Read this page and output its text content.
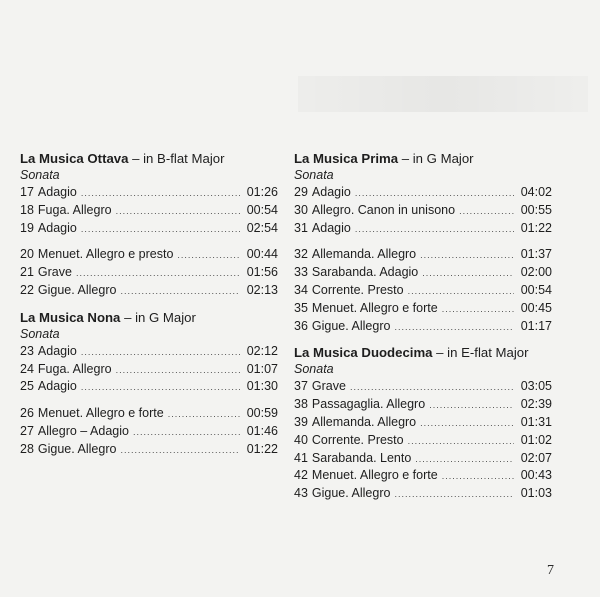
La Musica Ottava – in B-flat Major
Sonata
17 Adagio .....	01:26
18 Fuga. Allegro .....	00:54
19 Adagio .....	02:54
20 Menuet. Allegro e presto .....	00:44
21 Grave .....	01:56
22 Gigue. Allegro .....	02:13
La Musica Nona – in G Major
Sonata
23 Adagio .....	02:12
24 Fuga. Allegro .....	01:07
25 Adagio .....	01:30
26 Menuet. Allegro e forte .....	00:59
27 Allegro – Adagio .....	01:46
28 Gigue. Allegro .....	01:22
La Musica Prima – in G Major
Sonata
29 Adagio .....	04:02
30 Allegro. Canon in unisono .....	00:55
31 Adagio .....	01:22
32 Allemanda. Allegro .....	01:37
33 Sarabanda. Adagio .....	02:00
34 Corrente. Presto .....	00:54
35 Menuet. Allegro e forte .....	00:45
36 Gigue. Allegro .....	01:17
La Musica Duodecima – in E-flat Major
Sonata
37 Grave .....	03:05
38 Passagaglia. Allegro .....	02:39
39 Allemanda. Allegro .....	01:31
40 Corrente. Presto .....	01:02
41 Sarabanda. Lento .....	02:07
42 Menuet. Allegro e forte .....	00:43
43 Gigue. Allegro .....	01:03
7
